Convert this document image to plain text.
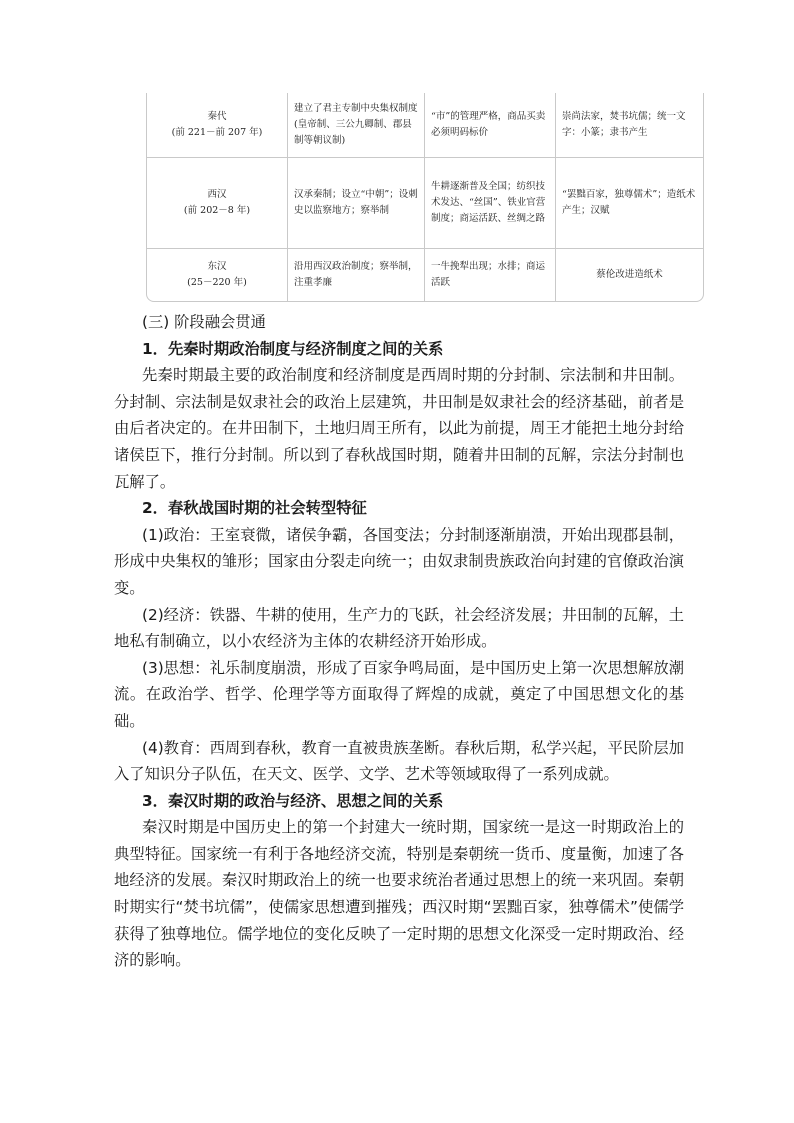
秦代
(前 221－前 207 年)	建立了君主专制中央集权制度(皇帝制、三公九卿制、郡县制等朝议制)	“市”的管理严格，商品买卖必须明码标价	崇尚法家，焚书坑儒；统一文字：小篆；隶书产生

西汉
(前 202－8 年)	汉承秦制；设立“中朝”；设刺史以监察地方；察举制	牛耕逐渐普及全国；纺织技术发达、“丝国”、铁业官营制度；商运活跃、丝绸之路	“罢黜百家，独尊儒术”；造纸术产生；汉赋

东汉
(25－220 年)	沿用西汉政治制度；察举制，注重孝廉	一牛挽犁出现；水排；商运活跃	蔡伦改进造纸术

(三) 阶段融会贯通

1．先秦时期政治制度与经济制度之间的关系

先秦时期最主要的政治制度和经济制度是西周时期的分封制、宗法制和井田制。分封制、宗法制是奴隶社会的政治上层建筑，井田制是奴隶社会的经济基础，前者是由后者决定的。在井田制下，土地归周王所有，以此为前提，周王才能把土地分封给诸侯臣下，推行分封制。所以到了春秋战国时期，随着井田制的瓦解，宗法分封制也瓦解了。

2．春秋战国时期的社会转型特征

(1)政治：王室衰微，诸侯争霸，各国变法；分封制逐渐崩溃，开始出现郡县制，形成中央集权的雏形；国家由分裂走向统一；由奴隶制贵族政治向封建的官僚政治演变。

(2)经济：铁器、牛耕的使用，生产力的飞跃，社会经济发展；井田制的瓦解，土地私有制确立，以小农经济为主体的农耕经济开始形成。

(3)思想：礼乐制度崩溃，形成了百家争鸣局面，是中国历史上第一次思想解放潮流。在政治学、哲学、伦理学等方面取得了辉煌的成就，奠定了中国思想文化的基础。

(4)教育：西周到春秋，教育一直被贵族垄断。春秋后期，私学兴起，平民阶层加入了知识分子队伍，在天文、医学、文学、艺术等领域取得了一系列成就。

3．秦汉时期的政治与经济、思想之间的关系

秦汉时期是中国历史上的第一个封建大一统时期，国家统一是这一时期政治上的典型特征。国家统一有利于各地经济交流，特别是秦朝统一货币、度量衡，加速了各地经济的发展。秦汉时期政治上的统一也要求统治者通过思想上的统一来巩固。秦朝时期实行“焚书坑儒”，使儒家思想遭到摧残；西汉时期“罢黜百家，独尊儒术”使儒学获得了独尊地位。儒学地位的变化反映了一定时期的思想文化深受一定时期政治、经济的影响。
